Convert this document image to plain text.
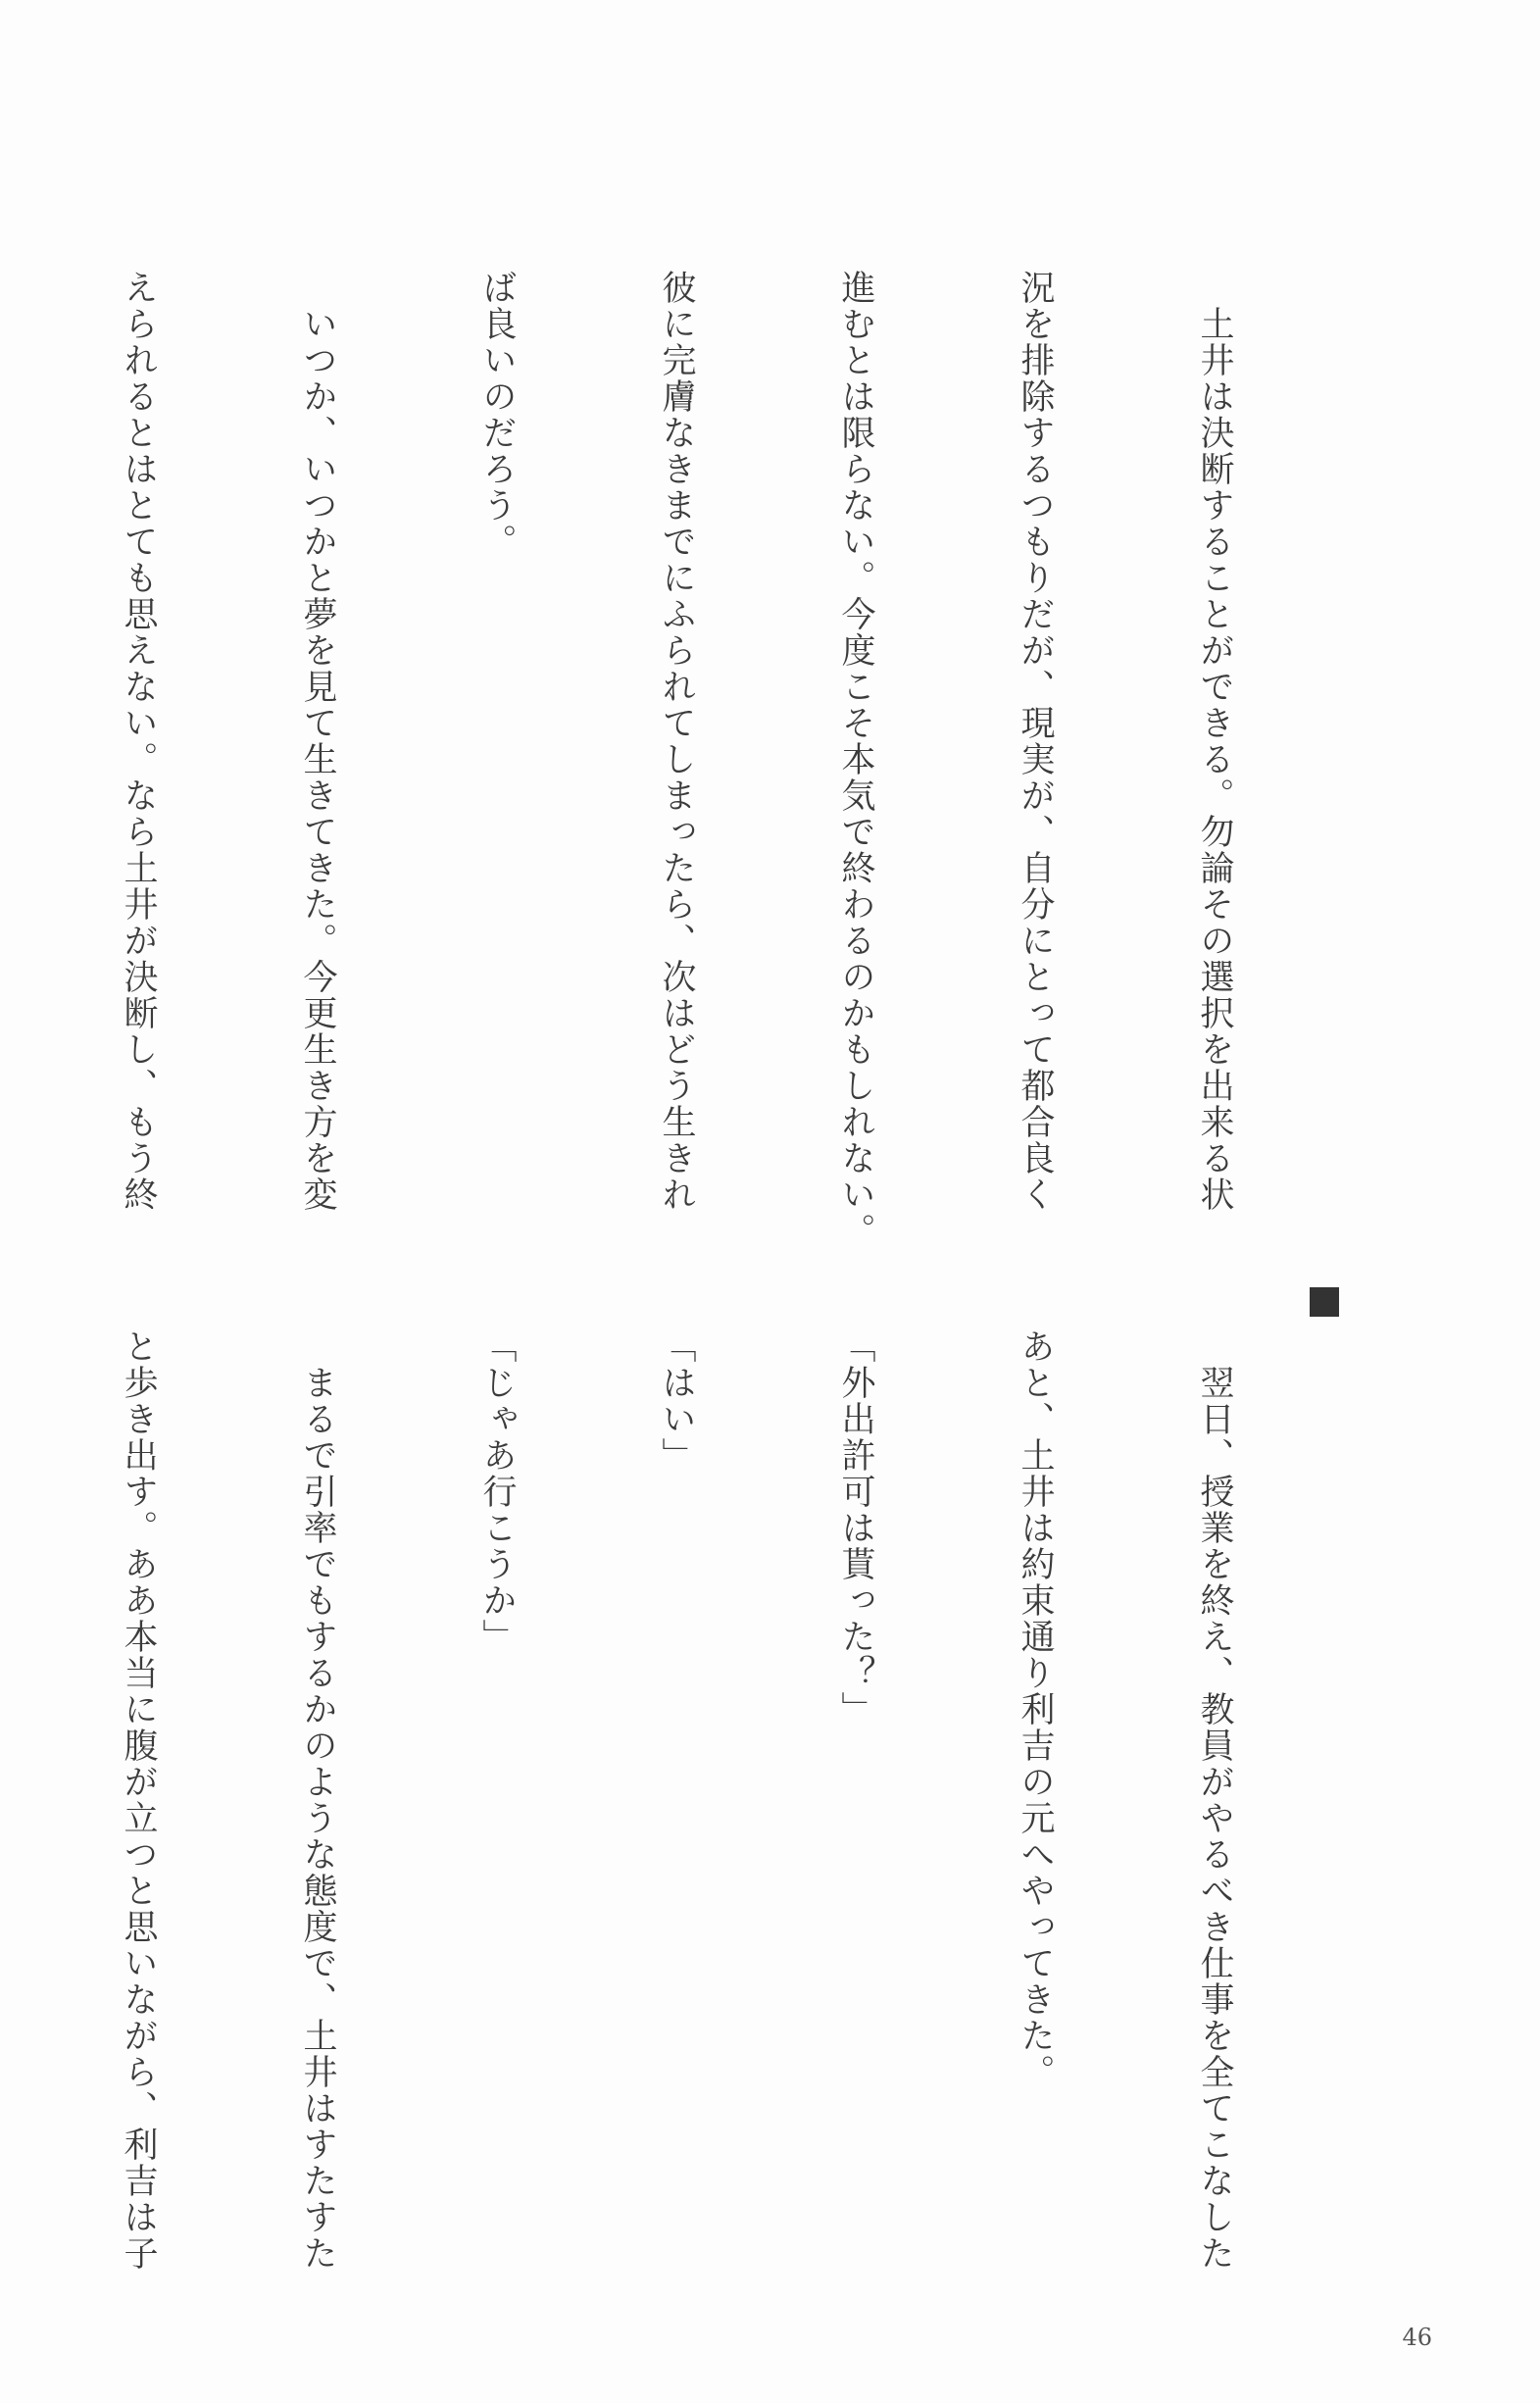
　土井は決断することができる。勿論その選択を出来る状

況を排除するつもりだが、現実が、自分にとって都合良く

進むとは限らない。今度こそ本気で終わるのかもしれない。

彼に完膚なきまでにふられてしまったら、次はどう生きれ

ば良いのだろう。

　いつか、いつかと夢を見て生きてきた。今更生き方を変

えられるとはとても思えない。なら土井が決断し、もう終

　翌日、授業を終え、教員がやるべき仕事を全てこなした

あと、土井は約束通り利吉の元へやってきた。

「外出許可は貰った？」

「はい」

「じゃあ行こうか」

　まるで引率でもするかのような態度で、土井はすたすた

と歩き出す。ああ本当に腹が立つと思いながら、利吉は子

46
